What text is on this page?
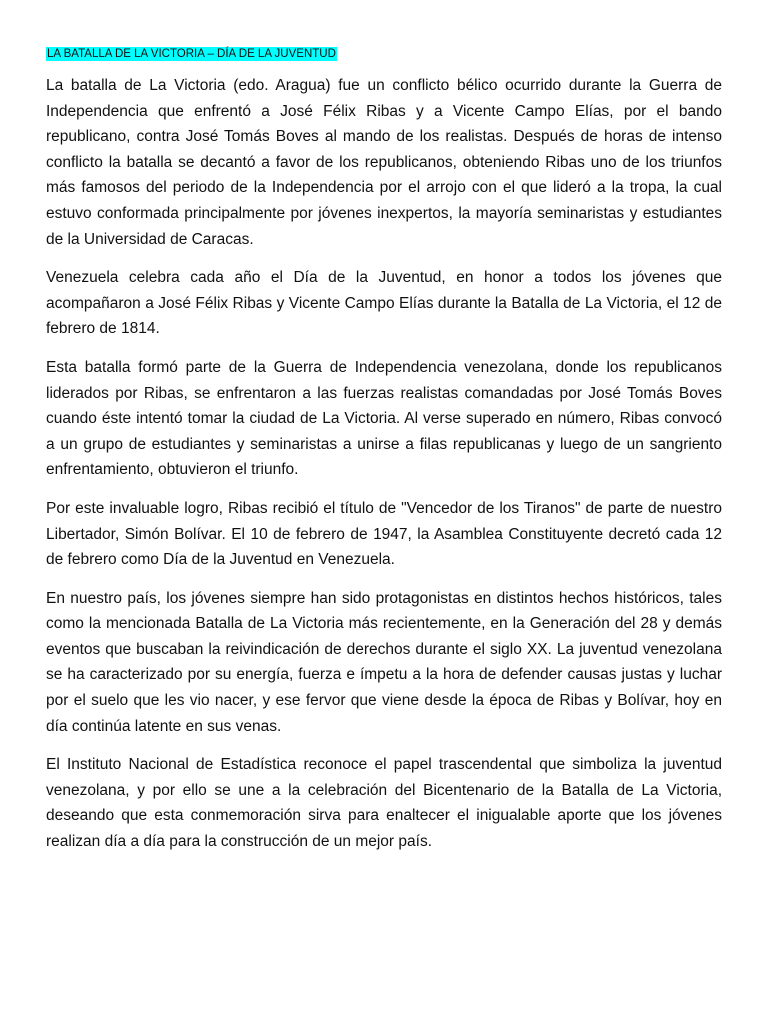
LA BATALLA DE LA VICTORIA – DÍA DE LA JUVENTUD

La batalla de La Victoria (edo. Aragua) fue un conflicto bélico ocurrido durante la Guerra de Independencia que enfrentó a José Félix Ribas y a Vicente Campo Elías, por el bando republicano, contra José Tomás Boves al mando de los realistas. Después de horas de intenso conflicto la batalla se decantó a favor de los republicanos, obteniendo Ribas uno de los triunfos más famosos del periodo de la Independencia por el arrojo con el que lideró a la tropa, la cual estuvo conformada principalmente por jóvenes inexpertos, la mayoría seminaristas y estudiantes de la Universidad de Caracas.

Venezuela celebra cada año el Día de la Juventud, en honor a todos los jóvenes que acompañaron a José Félix Ribas y Vicente Campo Elías durante la Batalla de La Victoria, el 12 de febrero de 1814.

Esta batalla formó parte de la Guerra de Independencia venezolana, donde los republicanos liderados por Ribas, se enfrentaron a las fuerzas realistas comandadas por José Tomás Boves cuando éste intentó tomar la ciudad de La Victoria. Al verse superado en número, Ribas convocó a un grupo de estudiantes y seminaristas a unirse a filas republicanas y luego de un sangriento enfrentamiento, obtuvieron el triunfo.

Por este invaluable logro, Ribas recibió el título de "Vencedor de los Tiranos" de parte de nuestro Libertador, Simón Bolívar. El 10 de febrero de 1947, la Asamblea Constituyente decretó cada 12 de febrero como Día de la Juventud en Venezuela.

En nuestro país, los jóvenes siempre han sido protagonistas en distintos hechos históricos, tales como la mencionada Batalla de La Victoria más recientemente, en la Generación del 28 y demás eventos que buscaban la reivindicación de derechos durante el siglo XX. La juventud venezolana se ha caracterizado por su energía, fuerza e ímpetu a la hora de defender causas justas y luchar por el suelo que les vio nacer, y ese fervor que viene desde la época de Ribas y Bolívar, hoy en día continúa latente en sus venas.

El Instituto Nacional de Estadística reconoce el papel trascendental que simboliza la juventud venezolana, y por ello se une a la celebración del Bicentenario de la Batalla de La Victoria, deseando que esta conmemoración sirva para enaltecer el inigualable aporte que los jóvenes realizan día a día para la construcción de un mejor país.
